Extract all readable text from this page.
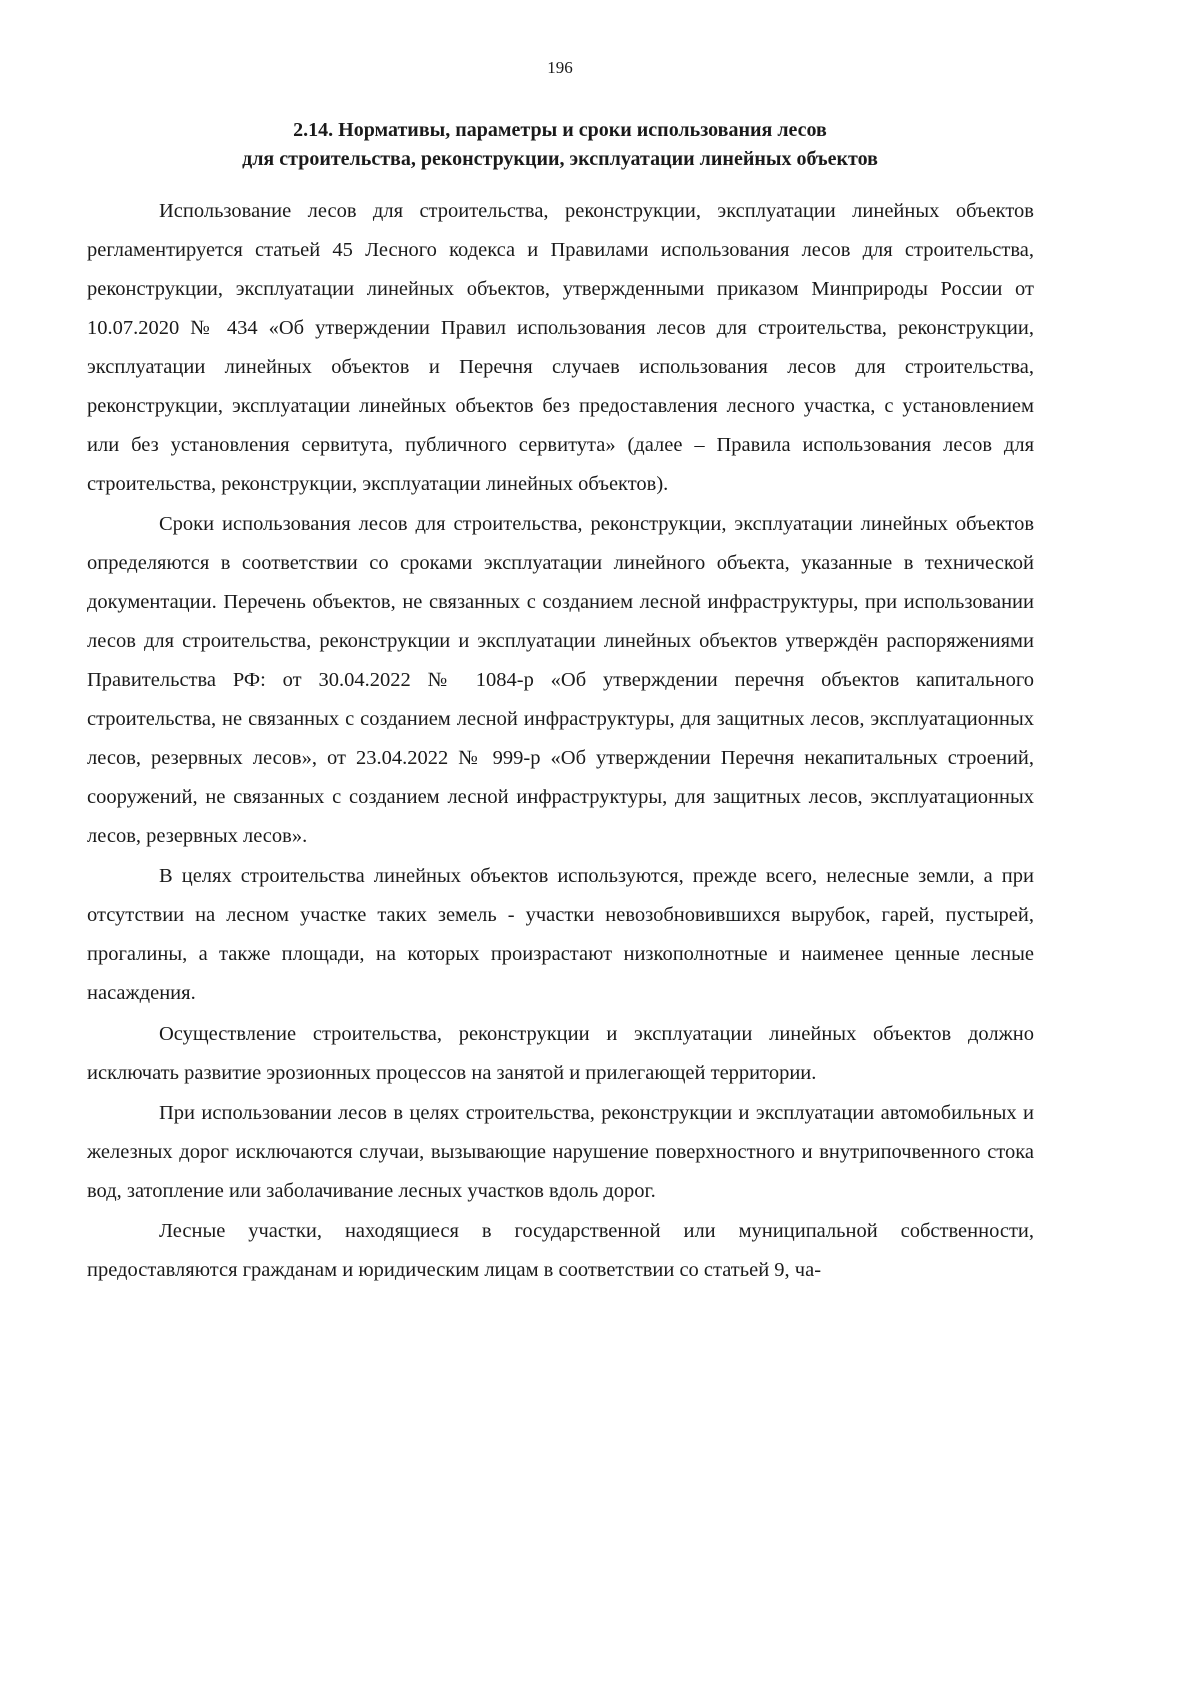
196
2.14. Нормативы, параметры и сроки использования лесов
для строительства, реконструкции, эксплуатации линейных объектов

Использование лесов для строительства, реконструкции, эксплуатации линейных объектов регламентируется статьей 45 Лесного кодекса и Правилами использования лесов для строительства, реконструкции, эксплуатации линейных объектов, утвержденными приказом Минприроды России от 10.07.2020 № 434 «Об утверждении Правил использования лесов для строительства, реконструкции, эксплуатации линейных объектов и Перечня случаев использования лесов для строительства, реконструкции, эксплуатации линейных объектов без предоставления лесного участка, с установлением или без установления сервитута, публичного сервитута» (далее – Правила использования лесов для строительства, реконструкции, эксплуатации линейных объектов).

Сроки использования лесов для строительства, реконструкции, эксплуатации линейных объектов определяются в соответствии со сроками эксплуатации линейного объекта, указанные в технической документации. Перечень объектов, не связанных с созданием лесной инфраструктуры, при использовании лесов для строительства, реконструкции и эксплуатации линейных объектов утверждён распоряжениями Правительства РФ: от 30.04.2022 № 1084-р «Об утверждении перечня объектов капитального строительства, не связанных с созданием лесной инфраструктуры, для защитных лесов, эксплуатационных лесов, резервных лесов», от 23.04.2022 № 999-р «Об утверждении Перечня некапитальных строений, сооружений, не связанных с созданием лесной инфраструктуры, для защитных лесов, эксплуатационных лесов, резервных лесов».

В целях строительства линейных объектов используются, прежде всего, нелесные земли, а при отсутствии на лесном участке таких земель - участки невозобновившихся вырубок, гарей, пустырей, прогалины, а также площади, на которых произрастают низкополнотные и наименее ценные лесные насаждения.

Осуществление строительства, реконструкции и эксплуатации линейных объектов должно исключать развитие эрозионных процессов на занятой и прилегающей территории.

При использовании лесов в целях строительства, реконструкции и эксплуатации автомобильных и железных дорог исключаются случаи, вызывающие нарушение поверхностного и внутрипочвенного стока вод, затопление или заболачивание лесных участков вдоль дорог.

Лесные участки, находящиеся в государственной или муниципальной собственности, предоставляются гражданам и юридическим лицам в соответствии со статьей 9, ча-
